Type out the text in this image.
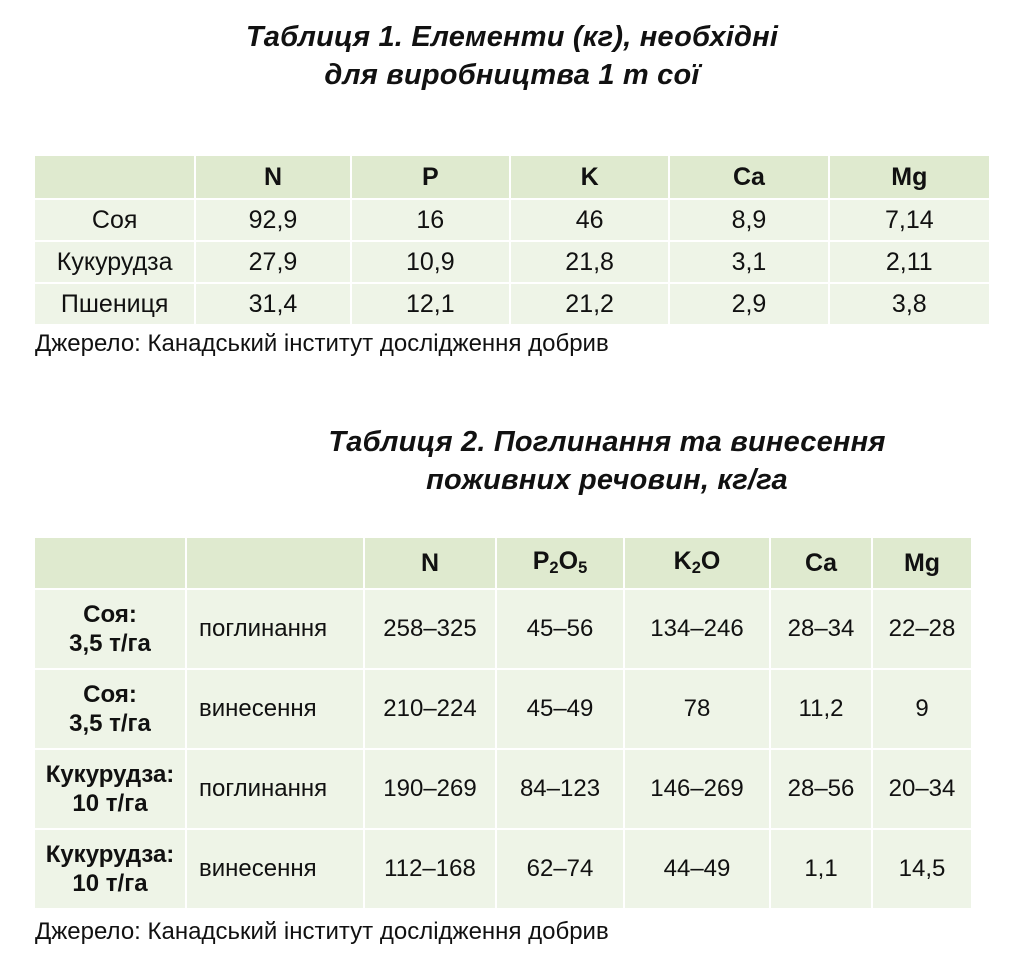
Таблиця 1. Елементи (кг), необхідні
для виробництва 1 т сої
	N	P	K	Ca	Mg
Соя	92,9	16	46	8,9	7,14
Кукурудза	27,9	10,9	21,8	3,1	2,11
Пшениця	31,4	12,1	21,2	2,9	3,8
Джерело: Канадський інститут дослідження добрив
Таблиця 2. Поглинання та винесення
поживних речовин, кг/га
		N	$P_2O_5$	$K_2O$	Ca	Mg

Соя:
3,5 т/га	поглинання	258–325	45–56	134–246	28–34	22–28

Соя:
3,5 т/га	винесення	210–224	45–49	78	11,2	9

Кукурудза:
10 т/га	поглинання	190–269	84–123	146–269	28–56	20–34

Кукурудза:
10 т/га	винесення	112–168	62–74	44–49	1,1	14,5
Джерело: Канадський інститут дослідження добрив
